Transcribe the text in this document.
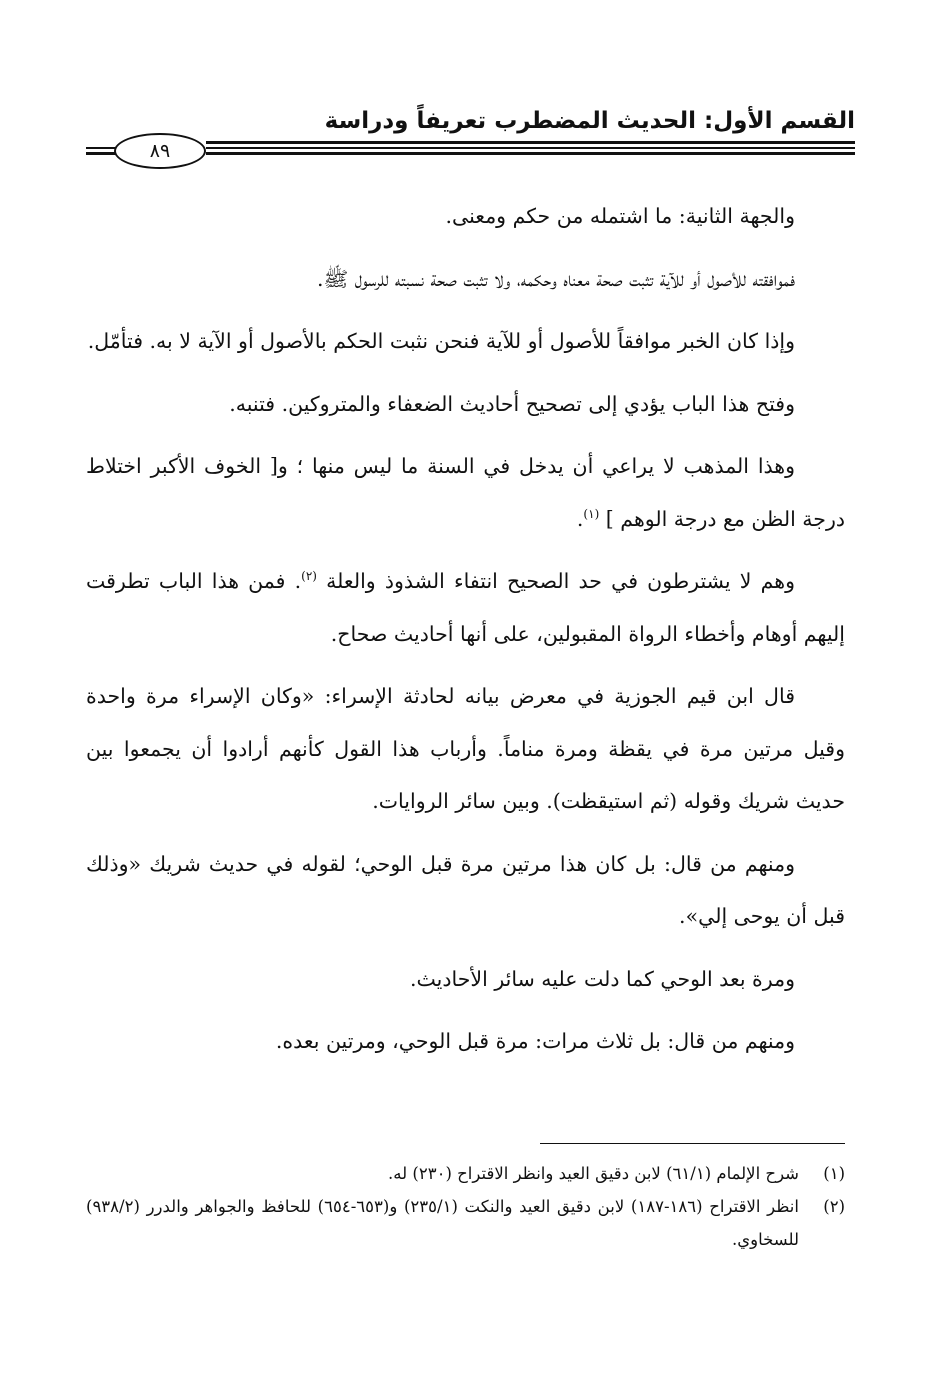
القسم الأول: الحديث المضطرب تعريفاً ودراسة
٨٩

والجهة الثانية: ما اشتمله من حكم ومعنى.

فموافقته للأصول أو للآية تثبت صحة معناه وحكمه، ولا تثبت صحة نسبته للرسول ﷺ.

وإذا كان الخبر موافقاً للأصول أو للآية فنحن نثبت الحكم بالأصول أو الآية لا به. فتأمّل.

وفتح هذا الباب يؤدي إلى تصحيح أحاديث الضعفاء والمتروكين. فتنبه.

وهذا المذهب لا يراعي أن يدخل في السنة ما ليس منها ؛ و[ الخوف الأكبر اختلاط درجة الظن مع درجة الوهم ] $^{(١)}$.

وهم لا يشترطون في حد الصحيح انتفاء الشذوذ والعلة $^{(٢)}$. فمن هذا الباب تطرقت إليهم أوهام وأخطاء الرواة المقبولين، على أنها أحاديث صحاح.

قال ابن قيم الجوزية في معرض بيانه لحادثة الإسراء: «وكان الإسراء مرة واحدة وقيل مرتين مرة في يقظة ومرة مناماً. وأرباب هذا القول كأنهم أرادوا أن يجمعوا بين حديث شريك وقوله (ثم استيقظت). وبين سائر الروايات.

ومنهم من قال: بل كان هذا مرتين مرة قبل الوحي؛ لقوله في حديث شريك «وذلك قبل أن يوحى إلي».

ومرة بعد الوحي كما دلت عليه سائر الأحاديث.

ومنهم من قال: بل ثلاث مرات: مرة قبل الوحي، ومرتين بعده.

(١)
شرح الإلمام (٦١/١) لابن دقيق العيد وانظر الاقتراح (٢٣٠) له.
(٢)
انظر الاقتراح (١٨٦-١٨٧) لابن دقيق العيد والنكت (٢٣٥/١) و(٦٥٣-٦٥٤) للحافظ والجواهر والدرر (٩٣٨/٢) للسخاوي.
